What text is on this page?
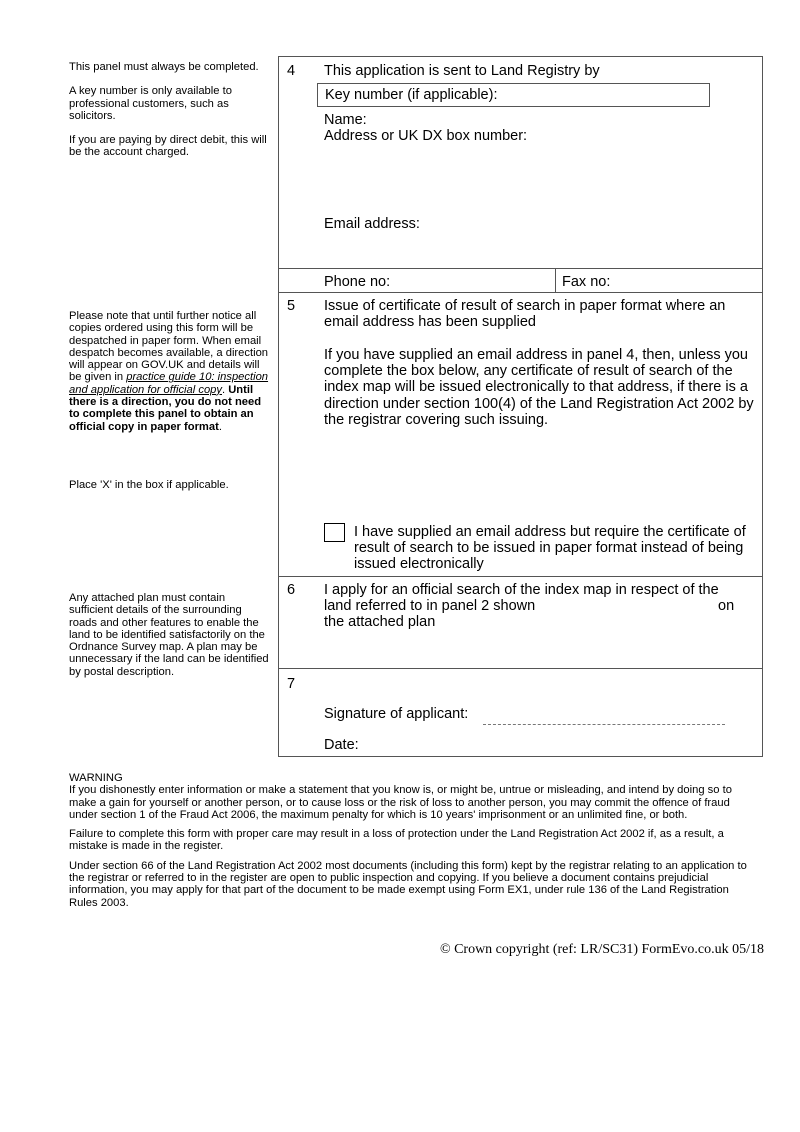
This panel must always be completed.

A key number is only available to professional customers, such as solicitors.

If you are paying by direct debit, this will be the account charged.

Please note that until further notice all copies ordered using this form will be despatched in paper form. When email despatch becomes available, a direction will appear on GOV.UK and details will be given in practice guide 10: inspection and application for official copy. Until there is a direction, you do not need to complete this panel to obtain an official copy in paper format.

Place 'X' in the box if applicable.

Any attached plan must contain sufficient details of the surrounding roads and other features to enable the land to be identified satisfactorily on the Ordnance Survey map. A plan may be unnecessary if the land can be identified by postal description.

4 This application is sent to Land Registry by
Key number (if applicable):
Name:
Address or UK DX box number:
Email address:
Phone no:	Fax no:
5 Issue of certificate of result of search in paper format where an email address has been supplied
If you have supplied an email address in panel 4, then, unless you complete the box below, any certificate of result of search of the index map will be issued electronically to that address, if there is a direction under section 100(4) of the Land Registration Act 2002 by the registrar covering such issuing.
I have supplied an email address but require the certificate of result of search to be issued in paper format instead of being issued electronically
6 I apply for an official search of the index map in respect of the
land referred to in panel 2 shown	on
the attached plan
7
Signature of applicant:
Date:

WARNING

If you dishonestly enter information or make a statement that you know is, or might be, untrue or misleading, and intend by doing so to make a gain for yourself or another person, or to cause loss or the risk of loss to another person, you may commit the offence of fraud under section 1 of the Fraud Act 2006, the maximum penalty for which is 10 years' imprisonment or an unlimited fine, or both.

Failure to complete this form with proper care may result in a loss of protection under the Land Registration Act 2002 if, as a result, a mistake is made in the register.

Under section 66 of the Land Registration Act 2002 most documents (including this form) kept by the registrar relating to an application to the registrar or referred to in the register are open to public inspection and copying. If you believe a document contains prejudicial information, you may apply for that part of the document to be made exempt using Form EX1, under rule 136 of the Land Registration Rules 2003.

© Crown copyright (ref: LR/SC31) FormEvo.co.uk 05/18
